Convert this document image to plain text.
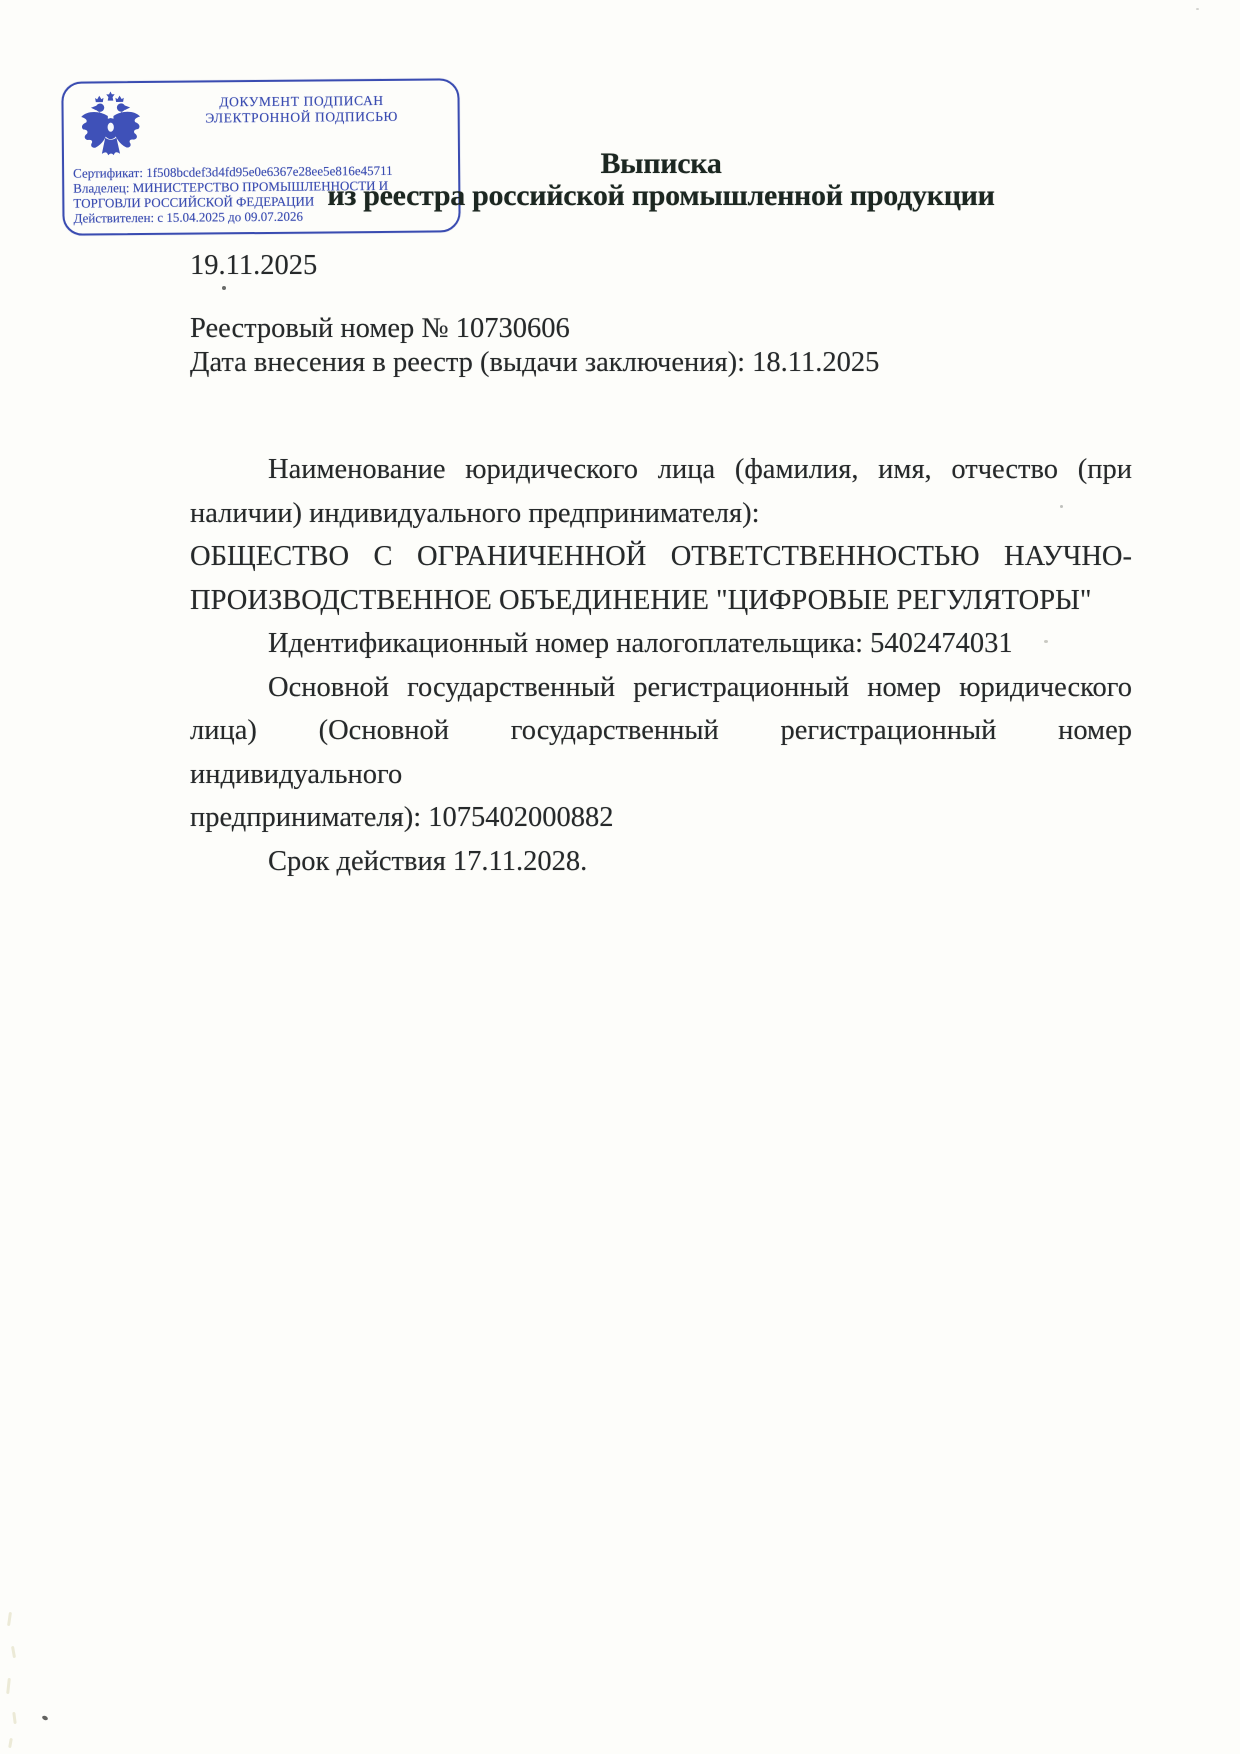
ДОКУМЕНТ ПОДПИСАН
ЭЛЕКТРОННОЙ ПОДПИСЬЮ
Сертификат: 1f508bcdef3d4fd95e0e6367e28ee5e816e45711
Владелец: МИНИСТЕРСТВО ПРОМЫШЛЕННОСТИ И
ТОРГОВЛИ РОССИЙСКОЙ ФЕДЕРАЦИИ
Действителен: с 15.04.2025 до 09.07.2026
Выписка
из реестра российской промышленной продукции
19.11.2025
Реестровый номер № 10730606
Дата внесения в реестр (выдачи заключения): 18.11.2025
Наименование юридического лица (фамилия, имя, отчество (при
наличии) индивидуального предпринимателя):
ОБЩЕСТВО С ОГРАНИЧЕННОЙ ОТВЕТСТВЕННОСТЬЮ НАУЧНО-
ПРОИЗВОДСТВЕННОЕ ОБЪЕДИНЕНИЕ "ЦИФРОВЫЕ РЕГУЛЯТОРЫ"
Идентификационный номер налогоплательщика: 5402474031
Основной государственный регистрационный номер юридического
лица) (Основной государственный регистрационный номер индивидуального
предпринимателя): 1075402000882
Срок действия 17.11.2028.
